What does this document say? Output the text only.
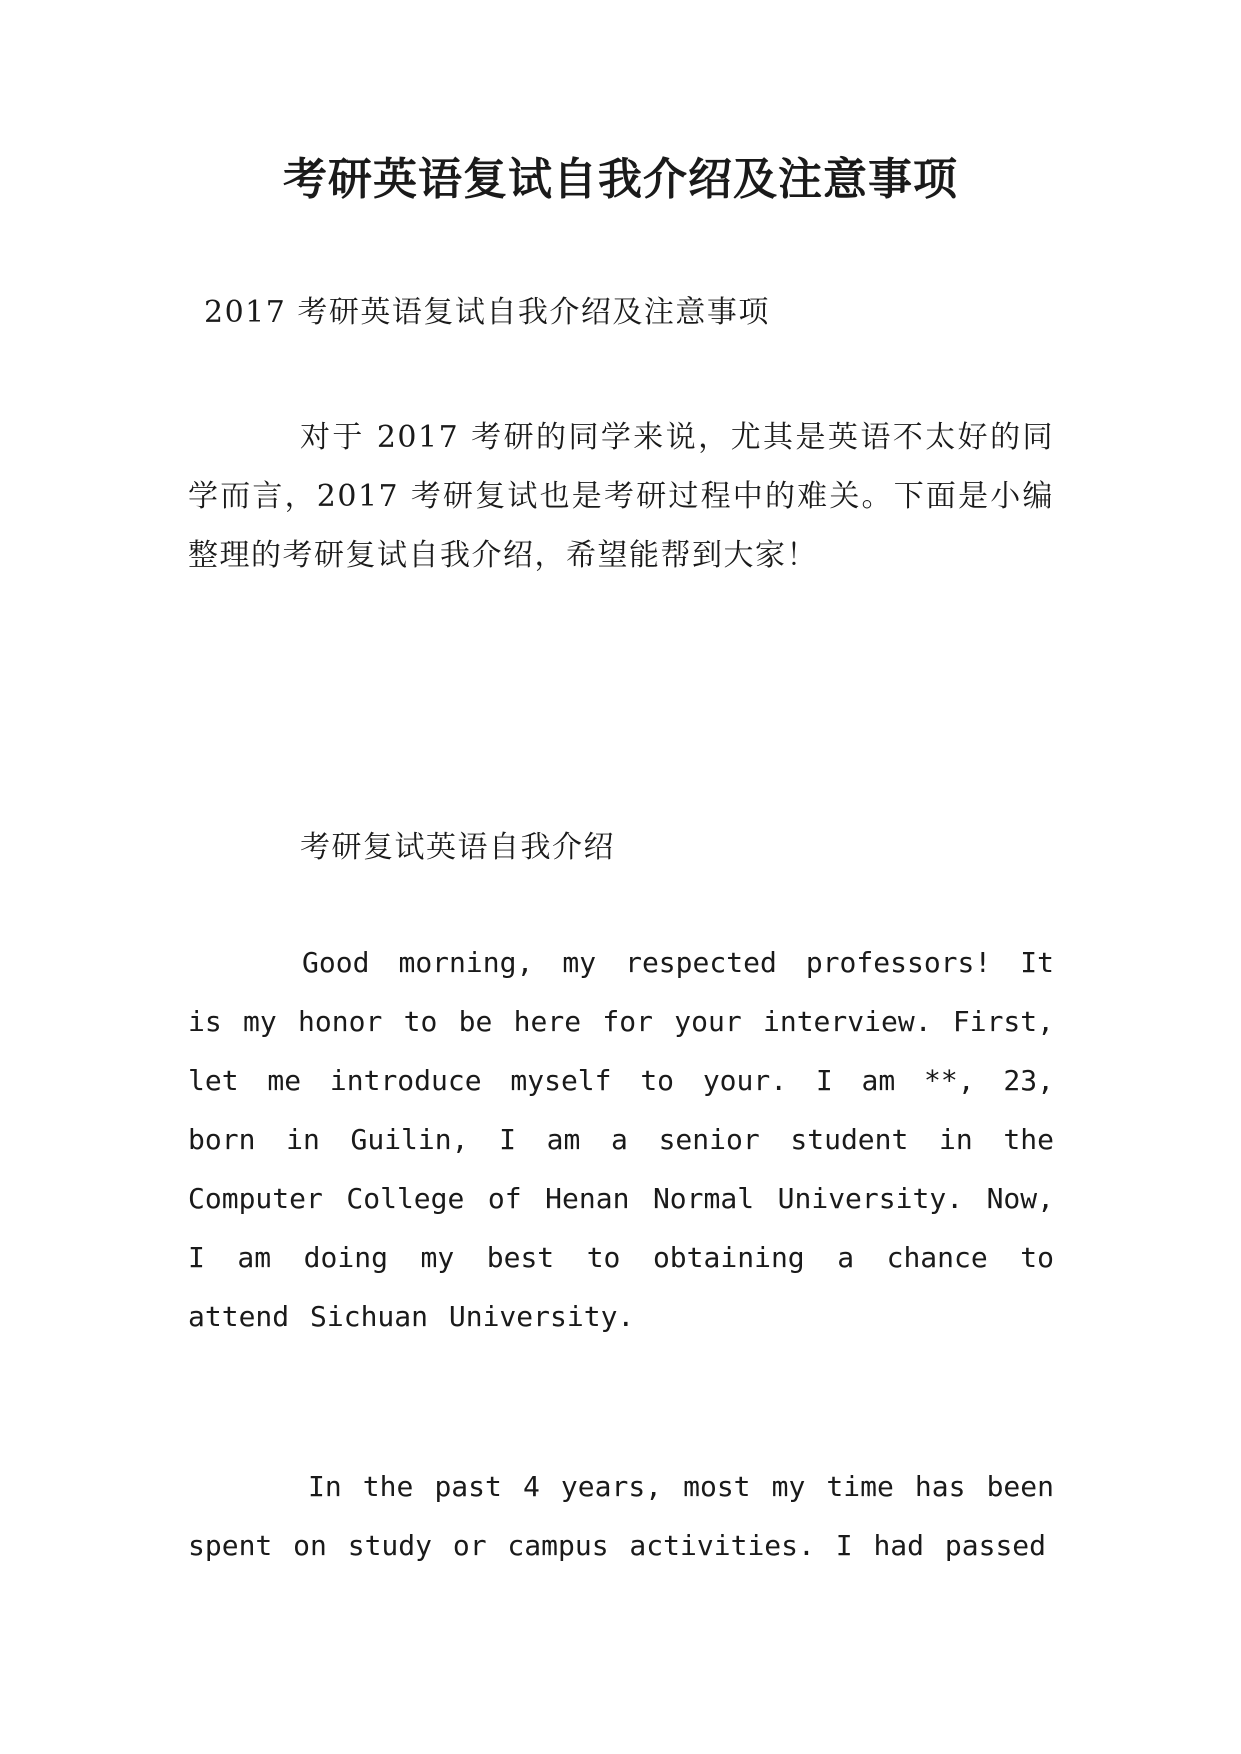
考研英语复试自我介绍及注意事项

2017 考研英语复试自我介绍及注意事项

对于 2017 考研的同学来说，尤其是英语不太好的同学而言，2017 考研复试也是考研过程中的难关。下面是小编整理的考研复试自我介绍，希望能帮到大家！

考研复试英语自我介绍

Good morning, my respected professors! It is my honor to be here for your interview. First, let me introduce myself to your. I am **, 23, born in Guilin, I am a senior student in the Computer College of Henan Normal University. Now, I am doing my best to obtaining a chance to attend Sichuan University.

In the past 4 years, most my time has been spent on study or campus activities. I had passed
